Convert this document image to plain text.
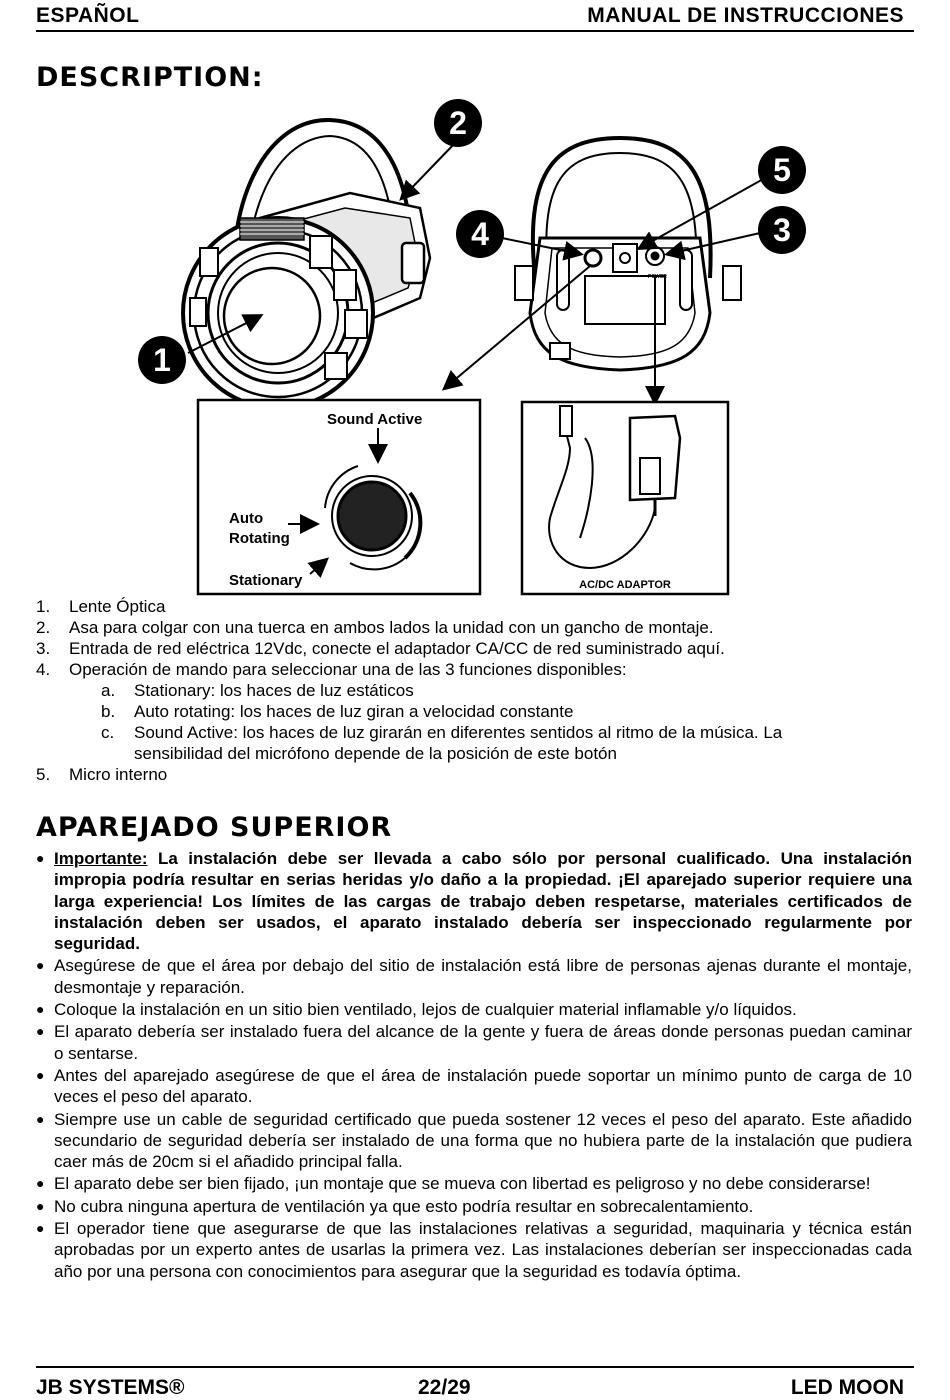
ESPAÑOL	MANUAL DE INSTRUCCIONES
DESCRIPTION:
POWER
2
1
4
5
3
Sound Active
Auto
Rotating
Stationary	AC/DC ADAPTOR
1. Lente Óptica
2. Asa para colgar con una tuerca en ambos lados la unidad con un gancho de montaje.
3. Entrada de red eléctrica 12Vdc, conecte el adaptador CA/CC de red suministrado aquí.
4. Operación de mando para seleccionar una de las 3 funciones disponibles:
a. Stationary: los haces de luz estáticos
b. Auto rotating: los haces de luz giran a velocidad constante
c. Sound Active: los haces de luz girarán en diferentes sentidos al ritmo de la música. La sensibilidad del micrófono depende de la posición de este botón
5. Micro interno
APAREJADO SUPERIOR
● Importante: La instalación debe ser llevada a cabo sólo por personal cualificado. Una instalación impropia podría resultar en serias heridas y/o daño a la propiedad. ¡El aparejado superior requiere una larga experiencia! Los límites de las cargas de trabajo deben respetarse, materiales certificados de instalación deben ser usados, el aparato instalado debería ser inspeccionado regularmente por seguridad.
● Asegúrese de que el área por debajo del sitio de instalación está libre de personas ajenas durante el montaje, desmontaje y reparación.
● Coloque la instalación en un sitio bien ventilado, lejos de cualquier material inflamable y/o líquidos.
● El aparato debería ser instalado fuera del alcance de la gente y fuera de áreas donde personas puedan caminar o sentarse.
● Antes del aparejado asegúrese de que el área de instalación puede soportar un mínimo punto de carga de 10 veces el peso del aparato.
● Siempre use un cable de seguridad certificado que pueda sostener 12 veces el peso del aparato. Este añadido secundario de seguridad debería ser instalado de una forma que no hubiera parte de la instalación que pudiera caer más de 20cm si el añadido principal falla.
● El aparato debe ser bien fijado, ¡un montaje que se mueva con libertad es peligroso y no debe considerarse!
● No cubra ninguna apertura de ventilación ya que esto podría resultar en sobrecalentamiento.
● El operador tiene que asegurarse de que las instalaciones relativas a seguridad, maquinaria y técnica están aprobadas por un experto antes de usarlas la primera vez. Las instalaciones deberían ser inspeccionadas cada año por una persona con conocimientos para asegurar que la seguridad es todavía óptima.
JB SYSTEMS®	22/29	LED MOON
